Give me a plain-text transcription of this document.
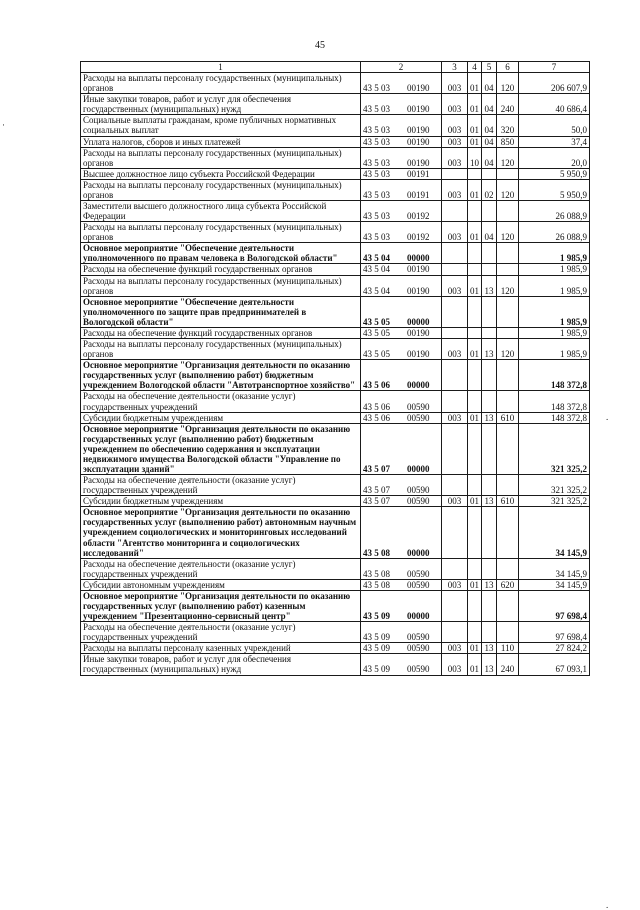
45
1	2	3	4	5	6	7
Расходы на выплаты персоналу государственных (муниципальных) органов	43 5 03 00190	003	01	04	120	206 607,9
Иные закупки товаров, работ и услуг для обеспечения государственных (муниципальных) нужд	43 5 03 00190	003	01	04	240	40 686,4
Социальные выплаты гражданам, кроме публичных нормативных социальных выплат	43 5 03 00190	003	01	04	320	50,0
Уплата налогов, сборов и иных платежей	43 5 03 00190	003	01	04	850	37,4
Расходы на выплаты персоналу государственных (муниципальных) органов	43 5 03 00190	003	10	04	120	20,0
Высшее должностное лицо субъекта Российской Федерации	43 5 03 00191					5 950,9
Расходы на выплаты персоналу государственных (муниципальных) органов	43 5 03 00191	003	01	02	120	5 950,9
Заместители высшего должностного лица субъекта Российской Федерации	43 5 03 00192					26 088,9
Расходы на выплаты персоналу государственных (муниципальных) органов	43 5 03 00192	003	01	04	120	26 088,9
Основное мероприятие "Обеспечение деятельности уполномоченного по правам человека в Вологодской области"	43 5 04 00000					1 985,9
Расходы на обеспечение функций государственных органов	43 5 04 00190					1 985,9
Расходы на выплаты персоналу государственных (муниципальных) органов	43 5 04 00190	003	01	13	120	1 985,9
Основное мероприятие "Обеспечение деятельности уполномоченного по защите прав предпринимателей в Вологодской области"	43 5 05 00000					1 985,9
Расходы на обеспечение функций государственных органов	43 5 05 00190					1 985,9
Расходы на выплаты персоналу государственных (муниципальных) органов	43 5 05 00190	003	01	13	120	1 985,9
Основное мероприятие "Организация деятельности по оказанию государственных услуг (выполнению работ) бюджетным учреждением Вологодской области "Автотранспортное хозяйство"	43 5 06 00000					148 372,8
Расходы на обеспечение деятельности (оказание услуг) государственных учреждений	43 5 06 00590					148 372,8
Субсидии бюджетным учреждениям	43 5 06 00590	003	01	13	610	148 372,8
Основное мероприятие "Организация деятельности по оказанию государственных услуг (выполнению работ) бюджетным учреждением по обеспечению содержания и эксплуатации недвижимого имущества Вологодской области "Управление по эксплуатации зданий"	43 5 07 00000					321 325,2
Расходы на обеспечение деятельности (оказание услуг) государственных учреждений	43 5 07 00590					321 325,2
Субсидии бюджетным учреждениям	43 5 07 00590	003	01	13	610	321 325,2
Основное мероприятие "Организация деятельности по оказанию государственных услуг (выполнению работ) автономным научным учреждением социологических и мониторинговых исследований области "Агентство мониторинга и социологических исследований"	43 5 08 00000					34 145,9
Расходы на обеспечение деятельности (оказание услуг) государственных учреждений	43 5 08 00590					34 145,9
Субсидии автономным учреждениям	43 5 08 00590	003	01	13	620	34 145,9
Основное мероприятие "Организация деятельности по оказанию государственных услуг (выполнению работ) казенным учреждением "Презентационно-сервисный центр"	43 5 09 00000					97 698,4
Расходы на обеспечение деятельности (оказание услуг) государственных учреждений	43 5 09 00590					97 698,4
Расходы на выплаты персоналу казенных учреждений	43 5 09 00590	003	01	13	110	27 824,2
Иные закупки товаров, работ и услуг для обеспечения государственных (муниципальных) нужд	43 5 09 00590	003	01	13	240	67 093,1
·
.
.
